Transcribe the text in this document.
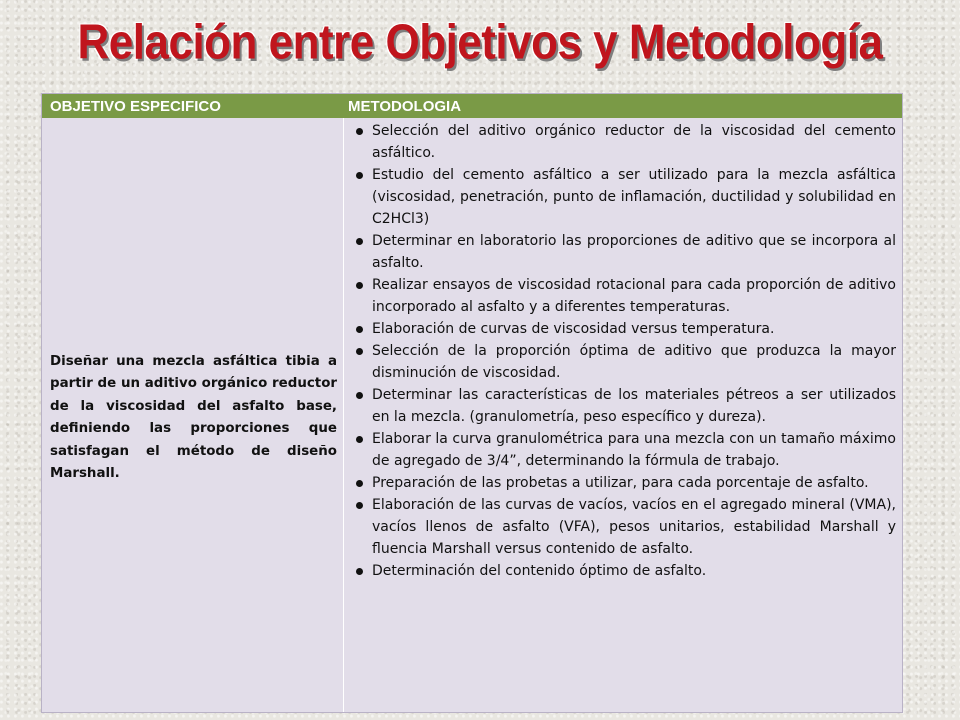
Relación entre Objetivos y Metodología
OBJETIVO ESPECIFICO	METODOLOGIA
Diseñar una mezcla asfáltica tibia a partir de un aditivo orgánico reductor de la viscosidad del asfalto base, definiendo las proporciones que satisfagan el método de diseño Marshall.
Selección del aditivo orgánico reductor de la viscosidad del cemento asfáltico.
Estudio del cemento asfáltico a ser utilizado para la mezcla asfáltica (viscosidad, penetración, punto de inflamación, ductilidad y solubilidad en C2HCl3)
Determinar en laboratorio las proporciones de aditivo que se incorpora al asfalto.
Realizar ensayos de viscosidad rotacional para cada proporción de aditivo incorporado al asfalto y a diferentes temperaturas.
Elaboración de curvas de viscosidad versus temperatura.
Selección de la proporción óptima de aditivo que produzca la mayor disminución de viscosidad.
Determinar las características de los materiales pétreos a ser utilizados en la mezcla. (granulometría, peso específico y dureza).
Elaborar la curva granulométrica para una mezcla con un tamaño máximo de agregado de 3/4”, determinando la fórmula de trabajo.
Preparación de las probetas a utilizar, para cada porcentaje de asfalto.
Elaboración de las curvas de vacíos, vacíos en el agregado mineral (VMA), vacíos llenos de asfalto (VFA), pesos unitarios, estabilidad Marshall y fluencia Marshall versus contenido de asfalto.
Determinación del contenido óptimo de asfalto.
